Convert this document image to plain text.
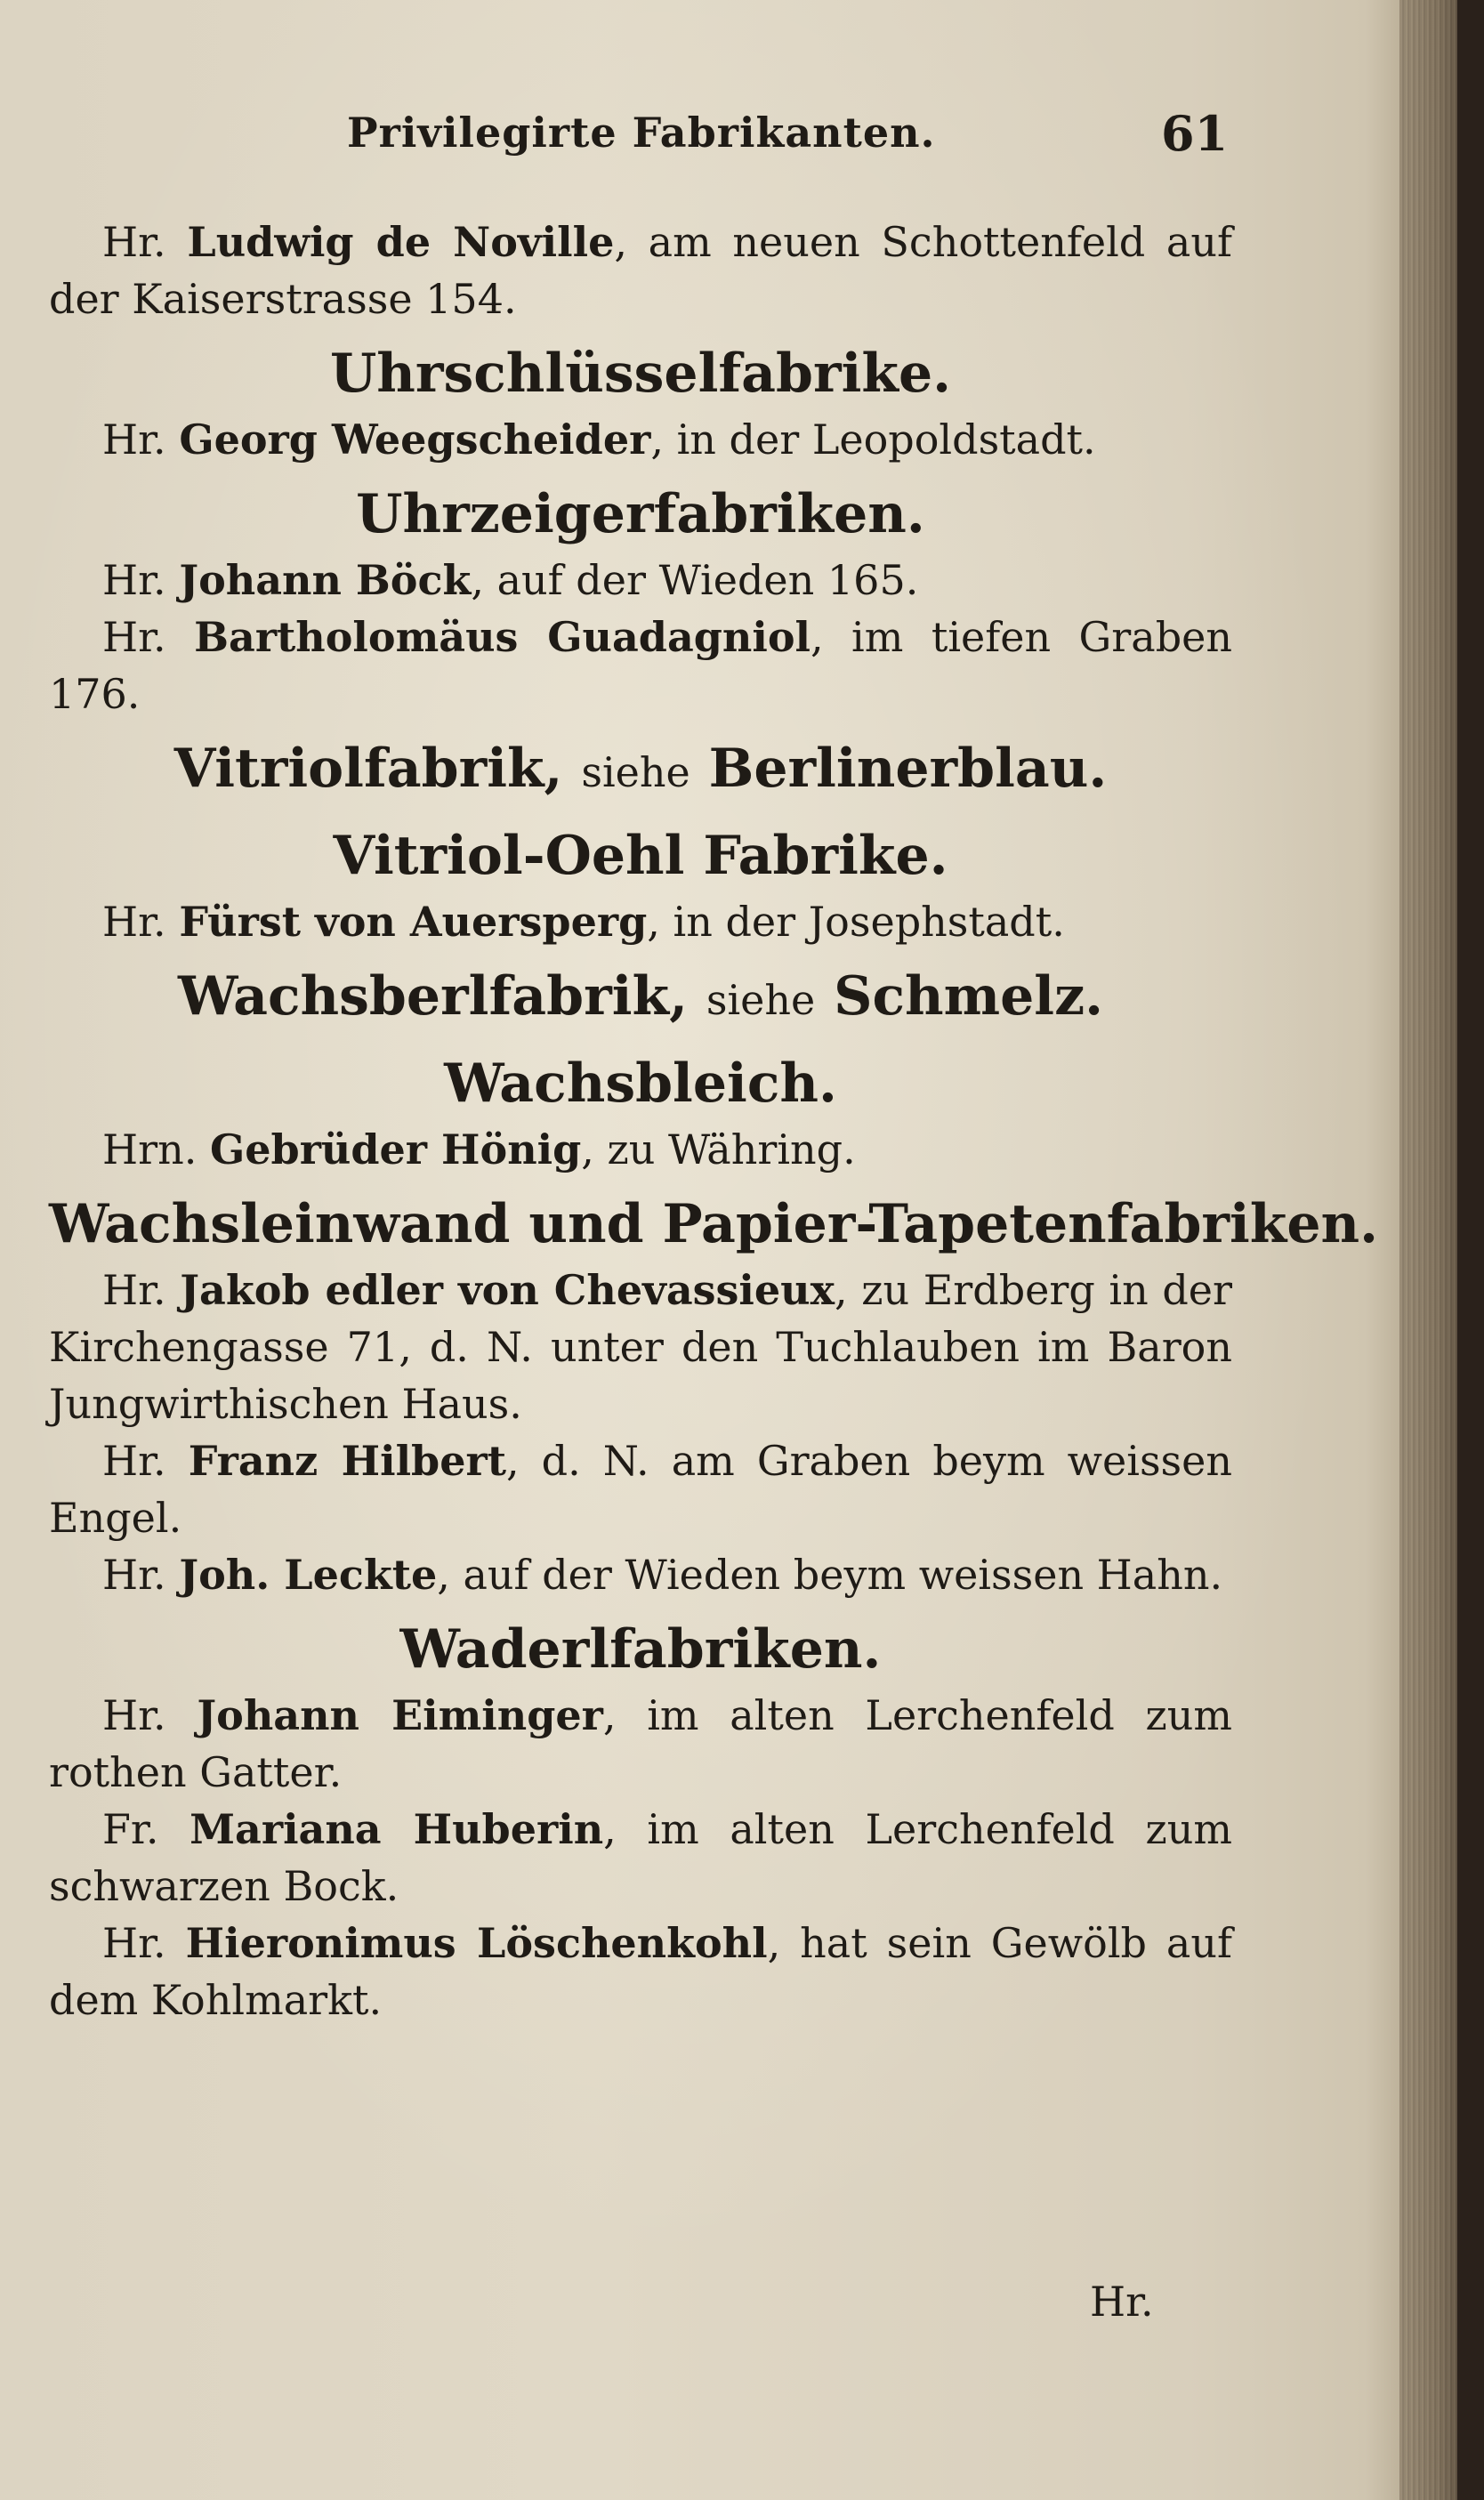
Privilegirte Fabrikanten.	61

Hr. Ludwig de Noville, am neuen Schottenfeld auf der Kaiserstrasse 154.

Uhrschlüsselfabrike.

Hr. Georg Weegscheider, in der Leopoldstadt.

Uhrzeigerfabriken.

Hr. Johann Böck, auf der Wieden 165.

Hr. Bartholomäus Guadagniol, im tiefen Graben 176.

Vitriolfabrik, siehe Berlinerblau.
Vitriol-Oehl Fabrike.

Hr. Fürst von Auersperg, in der Josephstadt.

Wachsberlfabrik, siehe Schmelz.
Wachsbleich.

Hrn. Gebrüder Hönig, zu Währing.

Wachsleinwand und Papier-Tapetenfabriken.

Hr. Jakob edler von Chevassieux, zu Erdberg in der Kirchengasse 71, d. N. unter den Tuchlauben im Baron Jungwirthischen Haus.

Hr. Franz Hilbert, d. N. am Graben beym weissen Engel.

Hr. Joh. Leckte, auf der Wieden beym weissen Hahn.

Waderlfabriken.

Hr. Johann Eiminger, im alten Lerchenfeld zum rothen Gatter.

Fr. Mariana Huberin, im alten Lerchenfeld zum schwarzen Bock.

Hr. Hieronimus Löschenkohl, hat sein Gewölb auf dem Kohlmarkt.

Hr.
